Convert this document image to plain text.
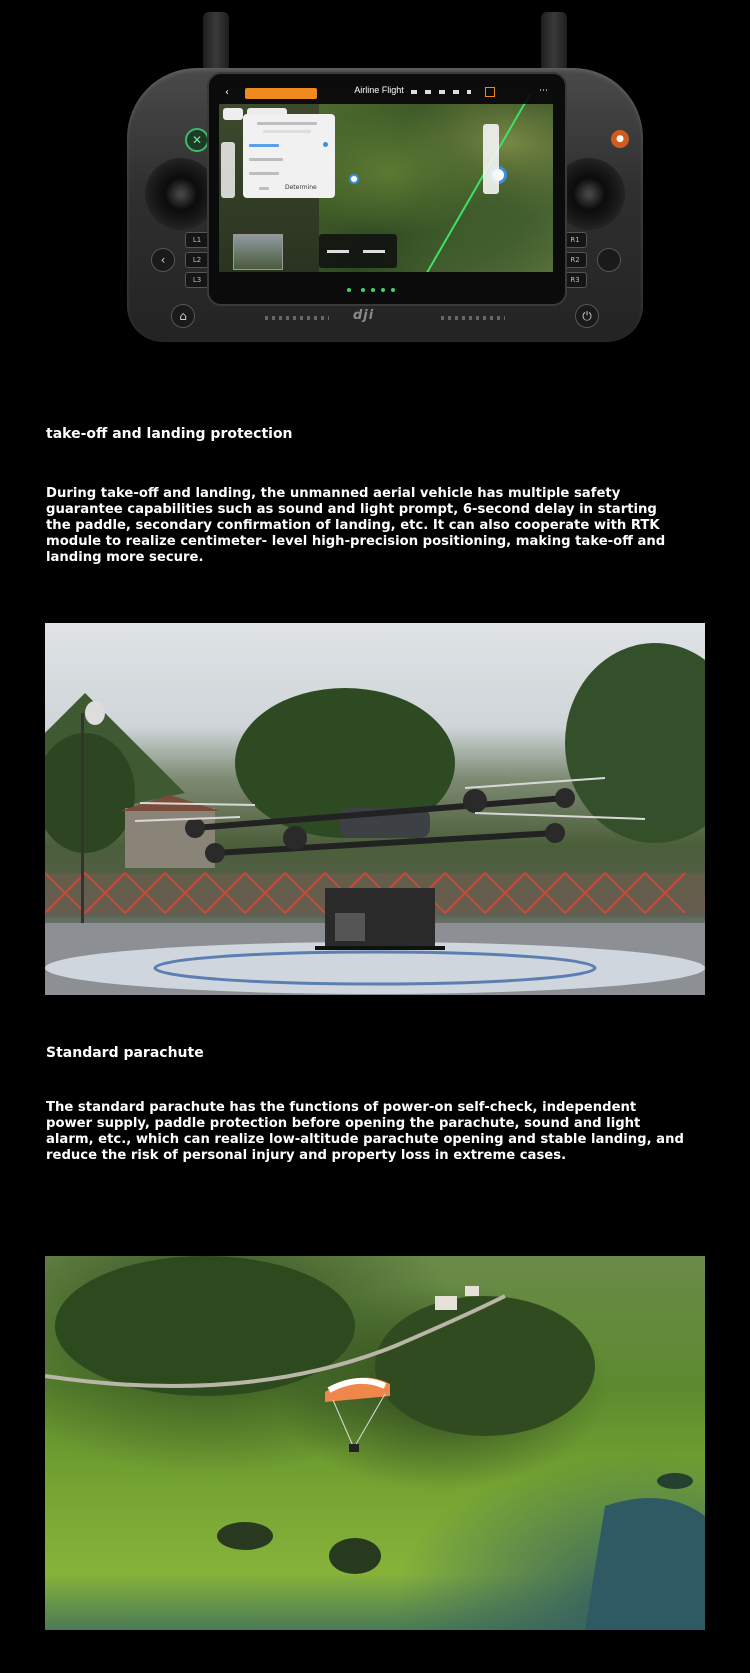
✕	●
‹
⌂	⏻
L1
L2
L3
R1
R2
R3
‹	Airline Flight	⋯
Determine
dji
take-off and landing protection
During take-off and landing, the unmanned aerial vehicle has multiple safety guarantee capabilities such as sound and light prompt, 6-second delay in starting the paddle, secondary confirmation of landing, etc. It can also cooperate with RTK module to realize centimeter- level high-precision positioning, making take-off and landing more secure.
Standard parachute
The standard parachute has the functions of power-on self-check, independent power supply, paddle protection before opening the parachute, sound and light alarm, etc., which can realize low-altitude parachute opening and stable landing, and reduce the risk of personal injury and property loss in extreme cases.
